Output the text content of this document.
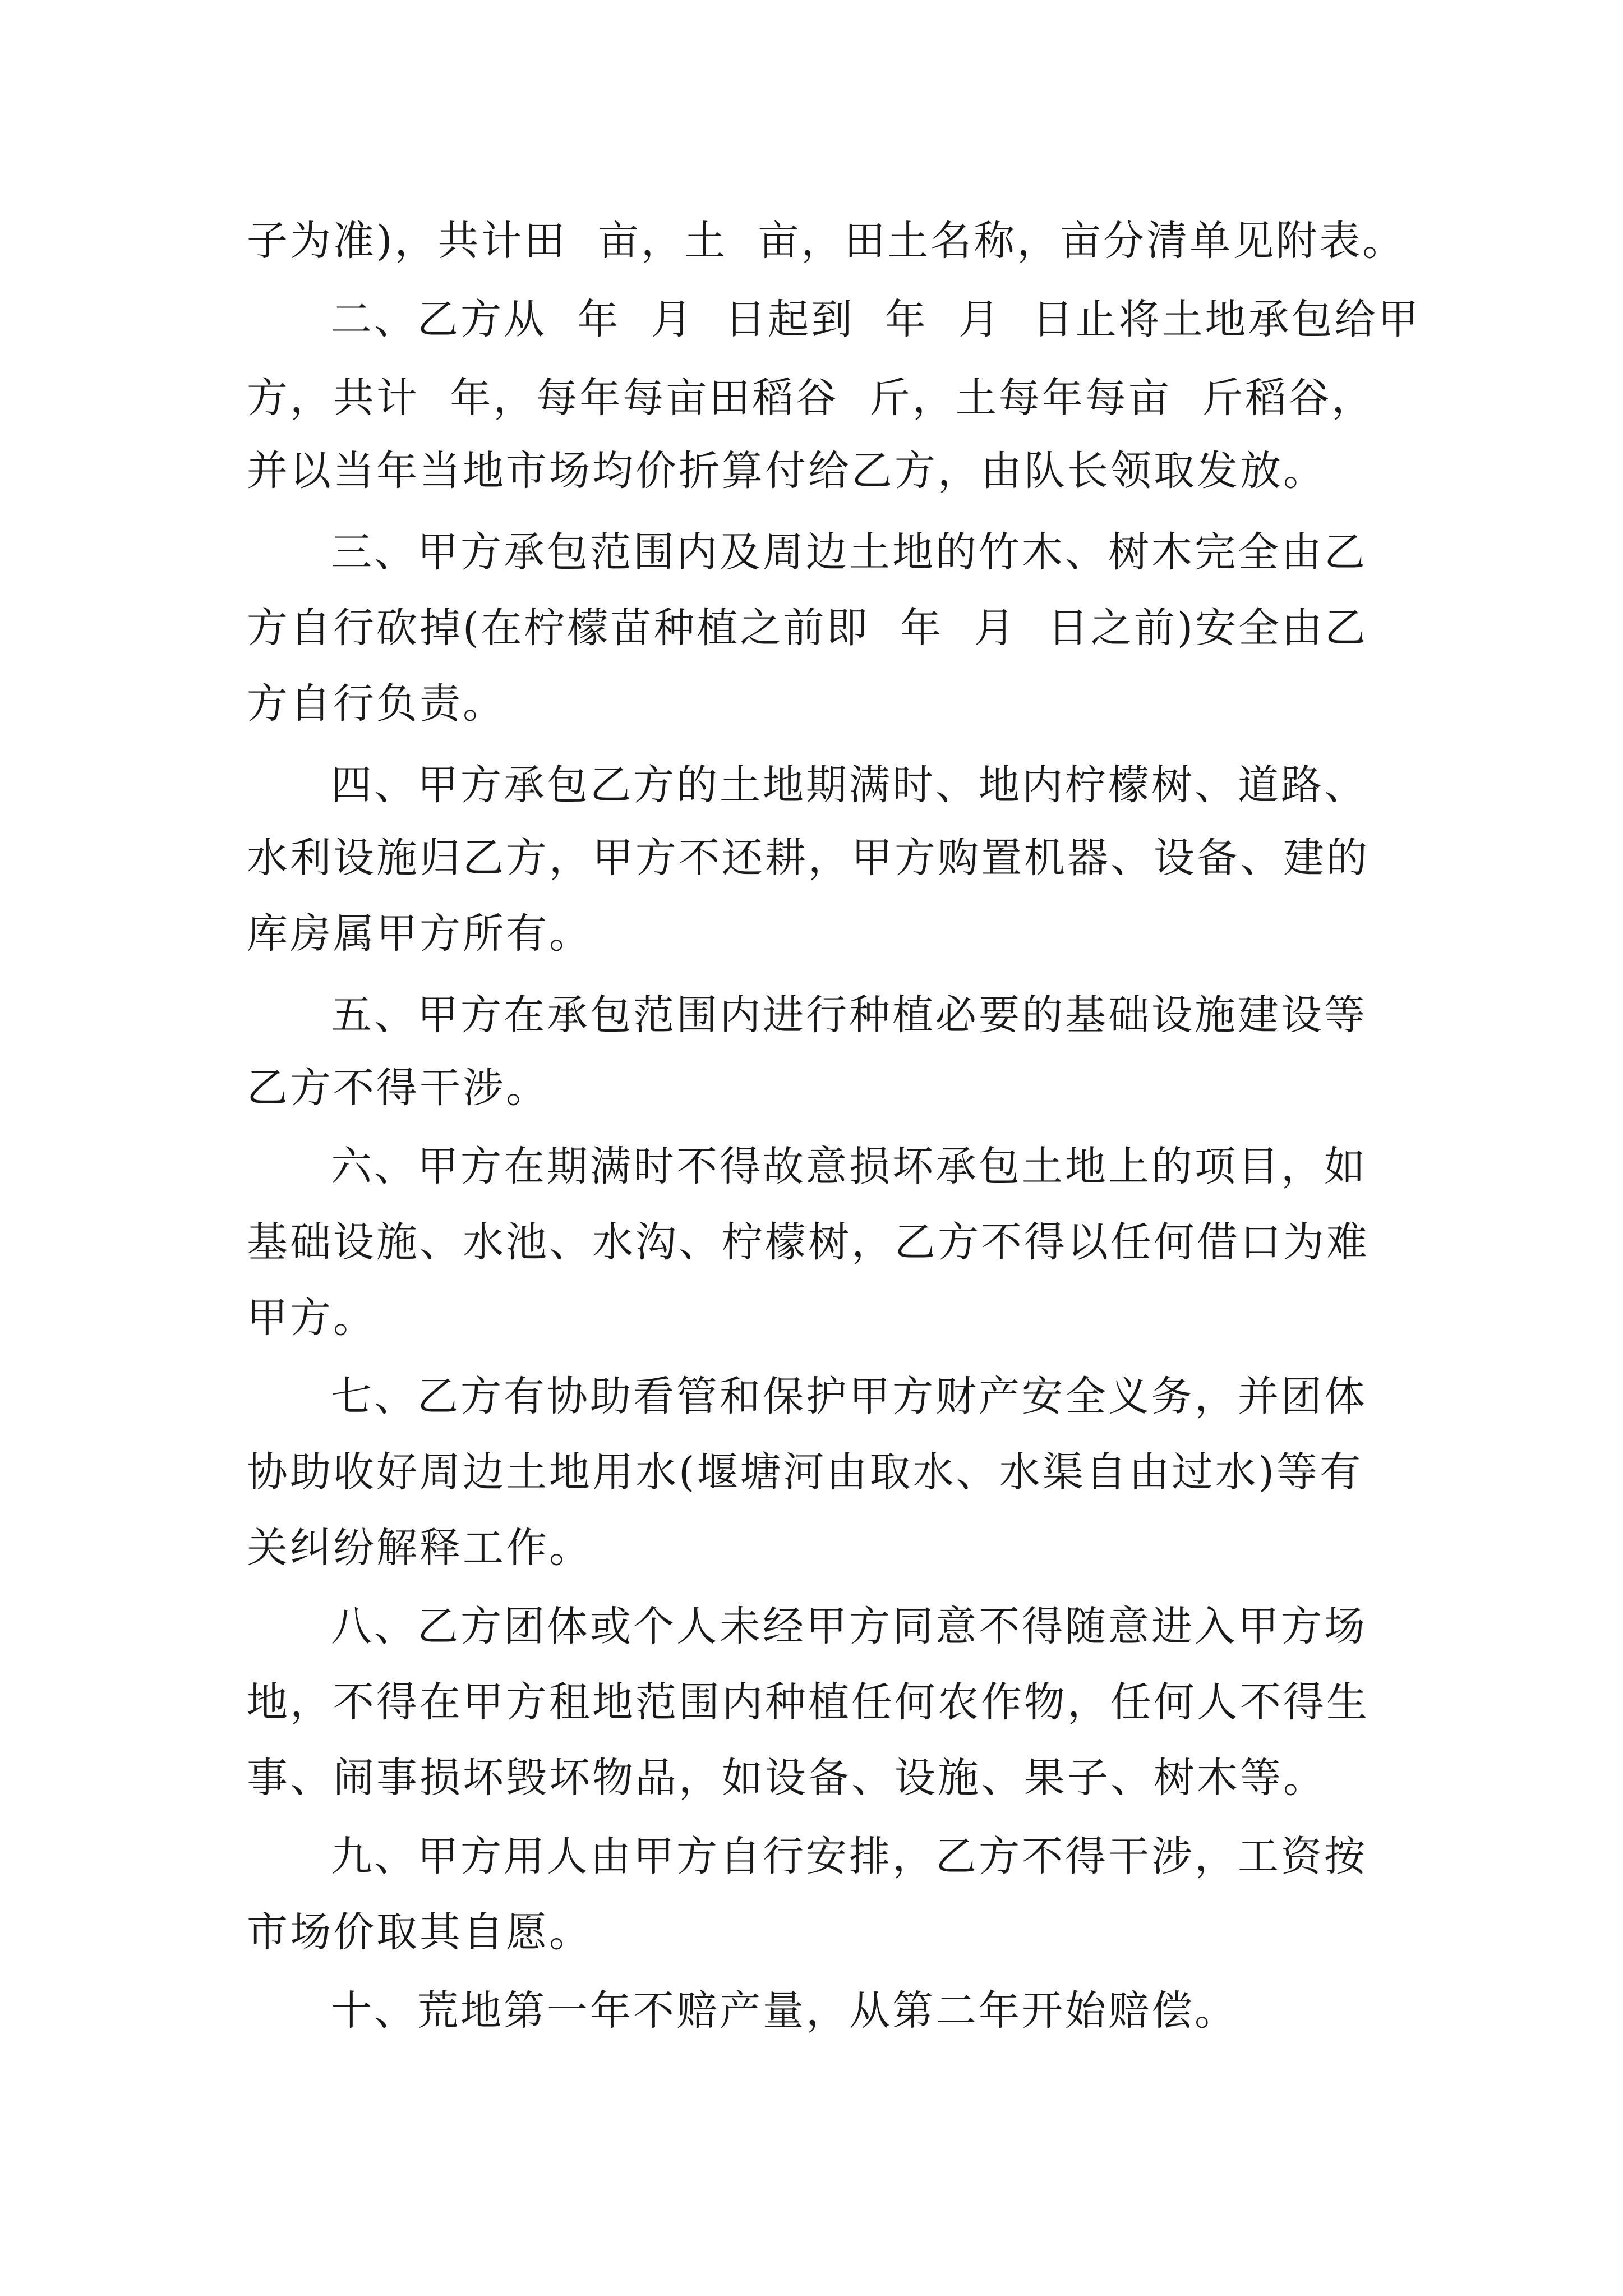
子为准)，共计田  亩，土  亩，田土名称，亩分清单见附表。

二、乙方从  年  月  日起到  年  月  日止将土地承包给甲

方，共计  年，每年每亩田稻谷  斤，土每年每亩  斤稻谷，

并以当年当地市场均价折算付给乙方，由队长领取发放。

三、甲方承包范围内及周边土地的竹木、树木完全由乙

方自行砍掉(在柠檬苗种植之前即  年  月  日之前)安全由乙

方自行负责。

四、甲方承包乙方的土地期满时、地内柠檬树、道路、

水利设施归乙方，甲方不还耕，甲方购置机器、设备、建的

库房属甲方所有。

五、甲方在承包范围内进行种植必要的基础设施建设等

乙方不得干涉。

六、甲方在期满时不得故意损坏承包土地上的项目，如

基础设施、水池、水沟、柠檬树，乙方不得以任何借口为难

甲方。

七、乙方有协助看管和保护甲方财产安全义务，并团体

协助收好周边土地用水(堰塘河由取水、水渠自由过水)等有

关纠纷解释工作。

八、乙方团体或个人未经甲方同意不得随意进入甲方场

地，不得在甲方租地范围内种植任何农作物，任何人不得生

事、闹事损坏毁坏物品，如设备、设施、果子、树木等。

九、甲方用人由甲方自行安排，乙方不得干涉，工资按

市场价取其自愿。

十、荒地第一年不赔产量，从第二年开始赔偿。
